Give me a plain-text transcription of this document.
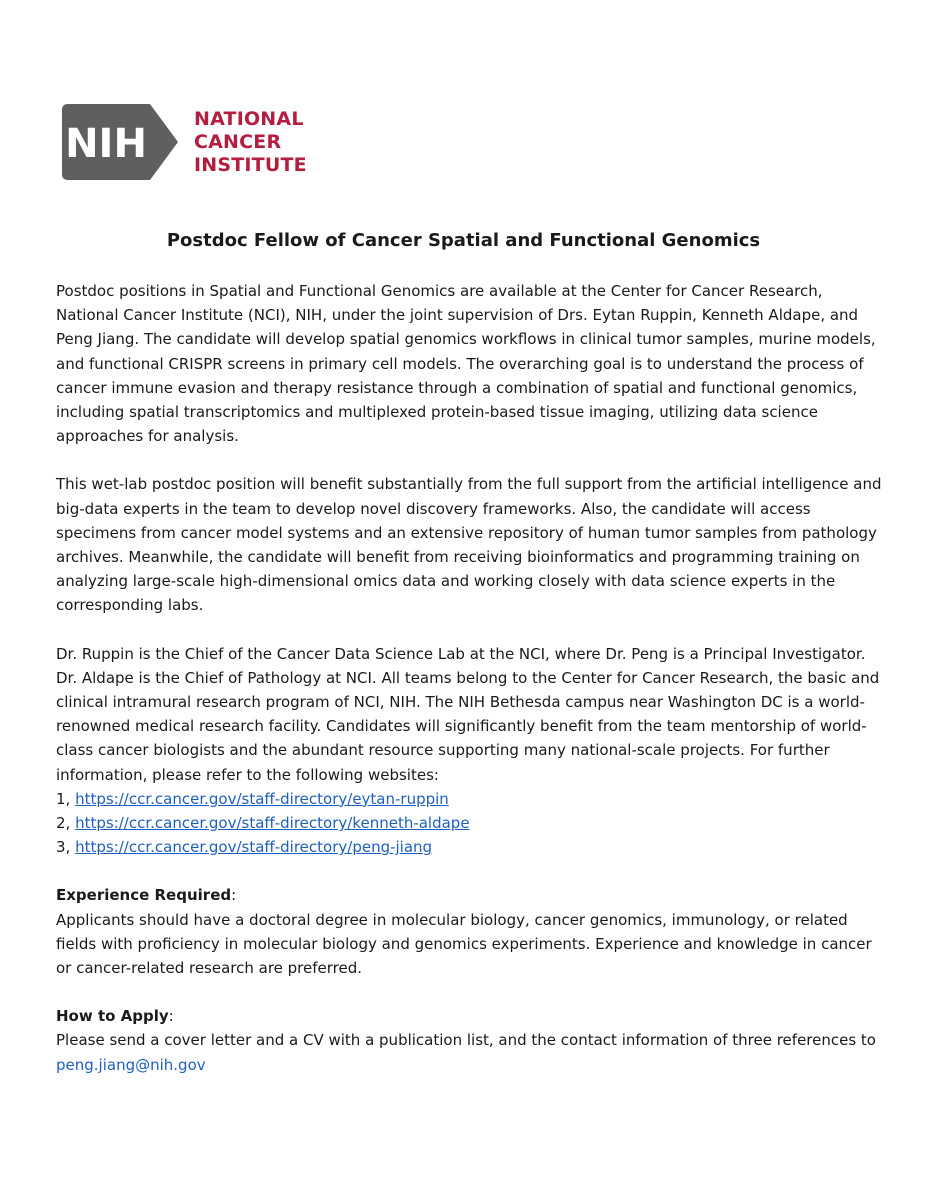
NIH
NATIONAL
CANCER
INSTITUTE
Postdoc Fellow of Cancer Spatial and Functional Genomics

Postdoc positions in Spatial and Functional Genomics are available at the Center for Cancer Research, National Cancer Institute (NCI), NIH, under the joint supervision of Drs. Eytan Ruppin, Kenneth Aldape, and Peng Jiang. The candidate will develop spatial genomics workflows in clinical tumor samples, murine models, and functional CRISPR screens in primary cell models. The overarching goal is to understand the process of cancer immune evasion and therapy resistance through a combination of spatial and functional genomics, including spatial transcriptomics and multiplexed protein-based tissue imaging, utilizing data science approaches for analysis.

This wet-lab postdoc position will benefit substantially from the full support from the artificial intelligence and big-data experts in the team to develop novel discovery frameworks. Also, the candidate will access specimens from cancer model systems and an extensive repository of human tumor samples from pathology archives. Meanwhile, the candidate will benefit from receiving bioinformatics and programming training on analyzing large-scale high-dimensional omics data and working closely with data science experts in the corresponding labs.

Dr. Ruppin is the Chief of the Cancer Data Science Lab at the NCI, where Dr. Peng is a Principal Investigator. Dr. Aldape is the Chief of Pathology at NCI. All teams belong to the Center for Cancer Research, the basic and clinical intramural research program of NCI, NIH. The NIH Bethesda campus near Washington DC is a world-renowned medical research facility. Candidates will significantly benefit from the team mentorship of world-class cancer biologists and the abundant resource supporting many national-scale projects. For further information, please refer to the following websites:
1, https://ccr.cancer.gov/staff-directory/eytan-ruppin
2, https://ccr.cancer.gov/staff-directory/kenneth-aldape
3, https://ccr.cancer.gov/staff-directory/peng-jiang

Experience Required:
Applicants should have a doctoral degree in molecular biology, cancer genomics, immunology, or related fields with proficiency in molecular biology and genomics experiments. Experience and knowledge in cancer or cancer-related research are preferred.

How to Apply:
Please send a cover letter and a CV with a publication list, and the contact information of three references to peng.jiang@nih.gov
